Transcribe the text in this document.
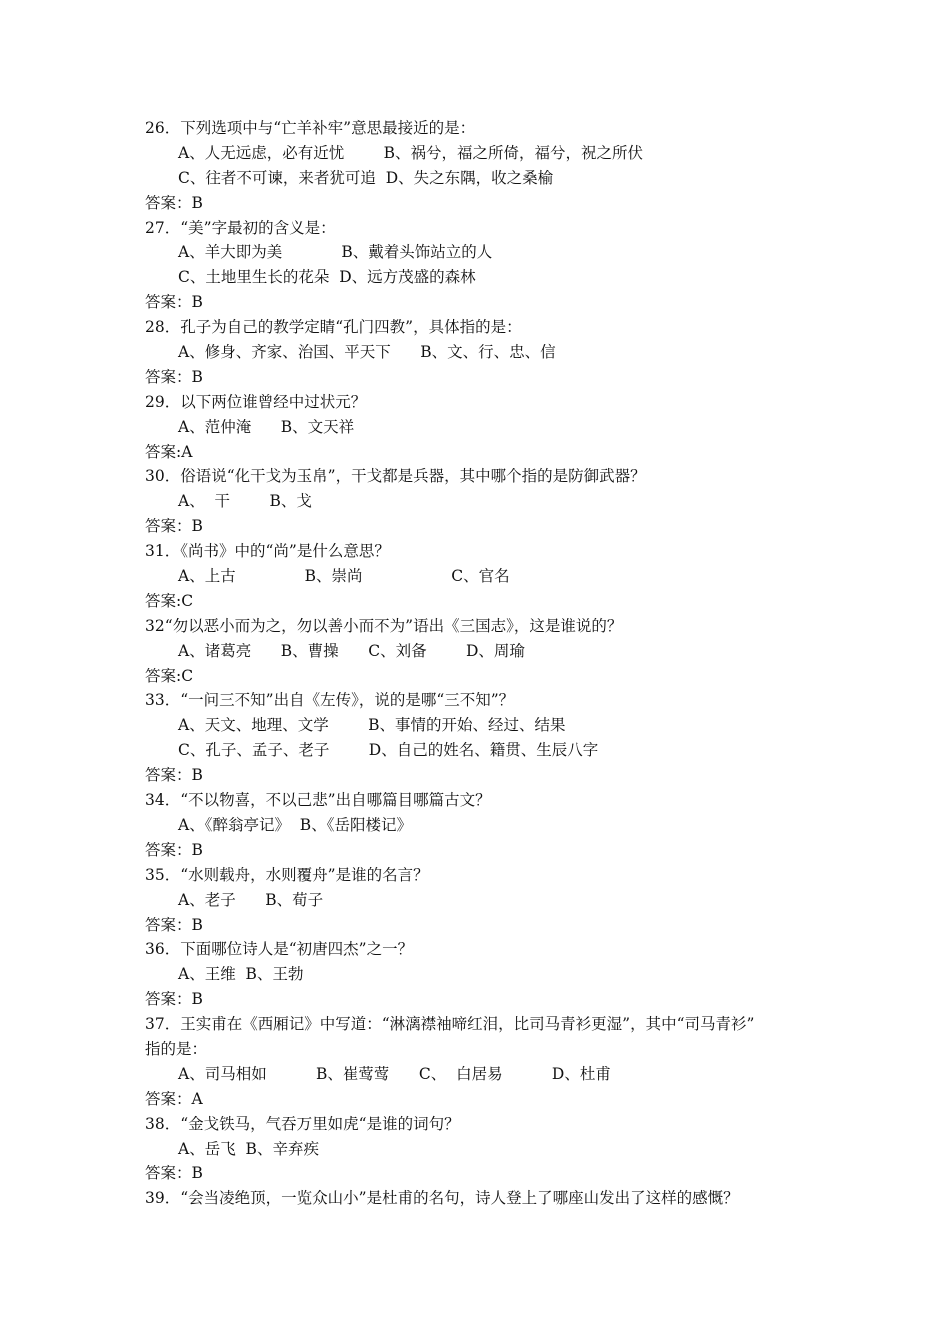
26．下列选项中与“亡羊补牢”意思最接近的是：
A、人无远虑，必有近忧        B、祸兮，福之所倚，福兮，祝之所伏
C、往者不可谏，来者犹可追  D、失之东隅，收之桑榆
答案：B
27．“美”字最初的含义是：
A、羊大即为美            B、戴着头饰站立的人
C、土地里生长的花朵  D、远方茂盛的森林
答案：B
28．孔子为自己的教学定睛“孔门四教”，具体指的是：
A、修身、齐家、治国、平天下      B、文、行、忠、信
答案：B
29．以下两位谁曾经中过状元？
A、范仲淹      B、文天祥
答案:A
30．俗语说“化干戈为玉帛”，干戈都是兵器，其中哪个指的是防御武器？
A、  干        B、戈
答案：B
31．《尚书》中的“尚”是什么意思？
A、上古              B、崇尚                  C、官名
答案:C
32“勿以恶小而为之，勿以善小而不为”语出《三国志》，这是谁说的？
A、诸葛亮      B、曹操      C、刘备        D、周瑜
答案:C
33．“一问三不知”出自《左传》，说的是哪“三不知”？
A、天文、地理、文学        B、事情的开始、经过、结果
C、孔子、孟子、老子        D、自己的姓名、籍贯、生辰八字
答案：B
34．“不以物喜，不以己悲”出自哪篇目哪篇古文？
A、《醉翁亭记》  B、《岳阳楼记》
答案：B
35．“水则载舟，水则覆舟”是谁的名言？
A、老子      B、荀子
答案：B
36．下面哪位诗人是“初唐四杰”之一？
A、王维  B、王勃
答案：B
37．王实甫在《西厢记》中写道：“淋漓襟袖啼红泪，比司马青衫更湿”，其中“司马青衫”
指的是：
A、司马相如          B、崔莺莺      C、  白居易          D、杜甫
答案：A
38．“金戈铁马，气吞万里如虎“是谁的词句？
A、岳飞  B、辛弃疾
答案：B
39．“会当凌绝顶，一览众山小”是杜甫的名句，诗人登上了哪座山发出了这样的感慨？
